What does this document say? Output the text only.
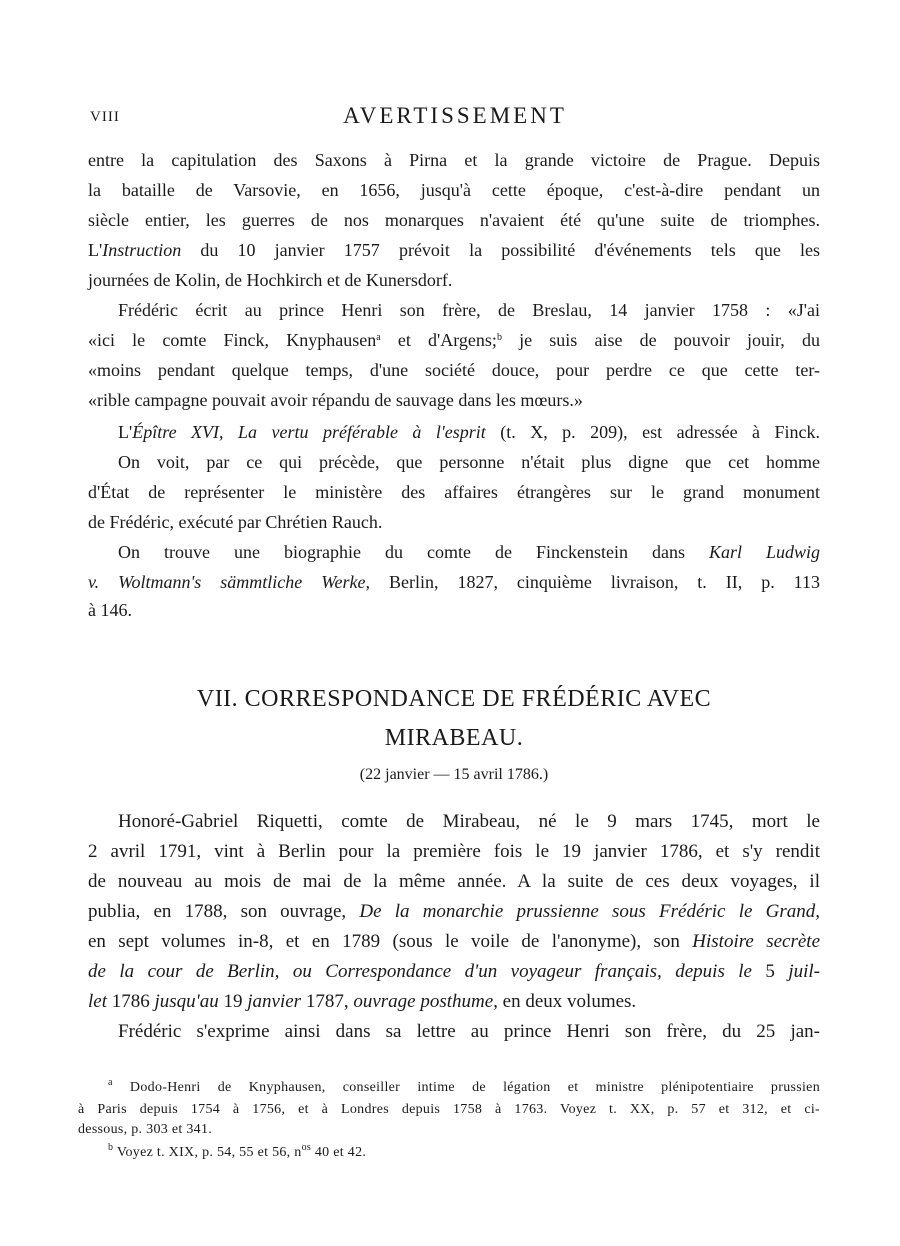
VIII	AVERTISSEMENT
entre la capitulation des Saxons à Pirna et la grande victoire de Prague. Depuis
la bataille de Varsovie, en 1656, jusqu'à cette époque, c'est-à-dire pendant un
siècle entier, les guerres de nos monarques n'avaient été qu'une suite de triomphes.
L'Instruction du 10 janvier 1757 prévoit la possibilité d'événements tels que les
journées de Kolin, de Hochkirch et de Kunersdorf.
Frédéric écrit au prince Henri son frère, de Breslau, 14 janvier 1758 : «J'ai
«ici le comte Finck, Knyphausen$^a$ et d'Argens;$^b$ je suis aise de pouvoir jouir, du
«moins pendant quelque temps, d'une société douce, pour perdre ce que cette ter-
«rible campagne pouvait avoir répandu de sauvage dans les mœurs.»
L'Épître XVI, La vertu préférable à l'esprit (t. X, p. 209), est adressée à Finck.
On voit, par ce qui précède, que personne n'était plus digne que cet homme
d'État de représenter le ministère des affaires étrangères sur le grand monument
de Frédéric, exécuté par Chrétien Rauch.
On trouve une biographie du comte de Finckenstein dans Karl Ludwig
v. Woltmann's sämmtliche Werke, Berlin, 1827, cinquième livraison, t. II, p. 113
à 146.
VII. CORRESPONDANCE DE FRÉDÉRIC AVEC
MIRABEAU.
(22 janvier — 15 avril 1786.)
Honoré-Gabriel Riquetti, comte de Mirabeau, né le 9 mars 1745, mort le
2 avril 1791, vint à Berlin pour la première fois le 19 janvier 1786, et s'y rendit
de nouveau au mois de mai de la même année. A la suite de ces deux voyages, il
publia, en 1788, son ouvrage, De la monarchie prussienne sous Frédéric le Grand,
en sept volumes in-8, et en 1789 (sous le voile de l'anonyme), son Histoire secrète
de la cour de Berlin, ou Correspondance d'un voyageur français, depuis le 5 juil-
let 1786 jusqu'au 19 janvier 1787, ouvrage posthume, en deux volumes.
Frédéric s'exprime ainsi dans sa lettre au prince Henri son frère, du 25 jan-
$^a$ Dodo-Henri de Knyphausen, conseiller intime de légation et ministre plénipotentiaire prussien
à Paris depuis 1754 à 1756, et à Londres depuis 1758 à 1763. Voyez t. XX, p. 57 et 312, et ci-
dessous, p. 303 et 341.
$^b$ Voyez t. XIX, p. 54, 55 et 56, $n^{os}$ 40 et 42.
